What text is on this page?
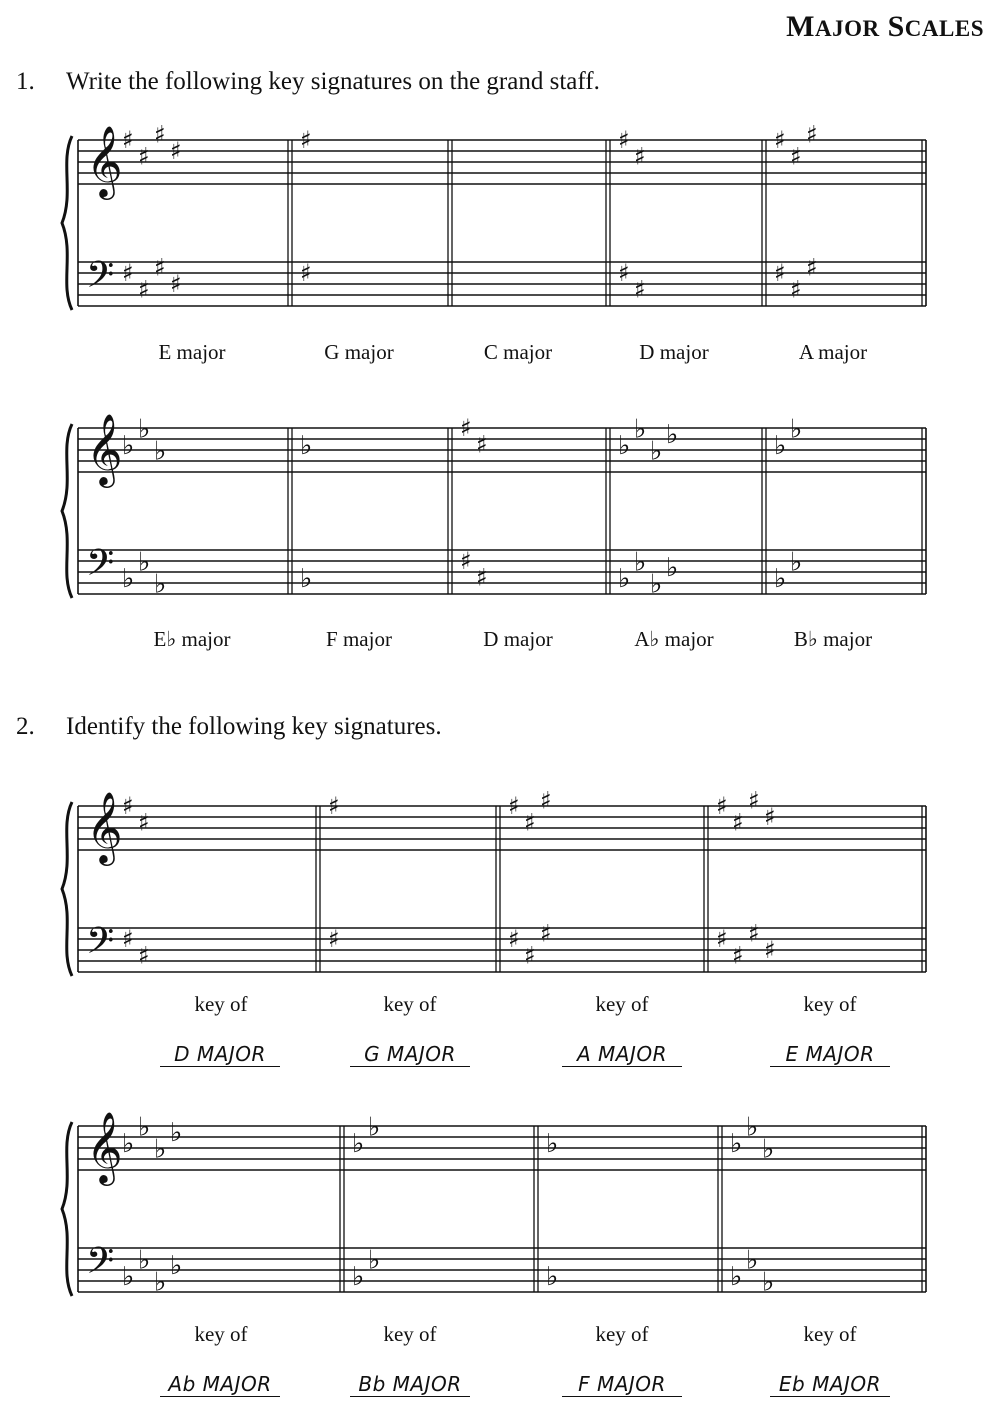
MAJOR SCALES
1. Write the following key signatures on the grand staff.
2. Identify the following key signatures.
𝄞
𝄢
♯
♯
♯
♯
♯
♯
♯
♯
♯
♯
♯
♯
♯
♯
♯
♯
♯
♯
♯
♯
𝄞
𝄢
♭
♭
♭
♭
♭
♭
♭
♭
♯
♯
♯
♯
♭
♭
♭
♭
♭
♭
♭
♭
♭
♭
♭
♭
𝄞
𝄢
♯
♯
♯
♯
♯
♯
♯
♯
♯
♯
♯
♯
♯
♯
♯
♯
♯
♯
♯
♯
𝄞
𝄢
♭
♭
♭
♭
♭
♭
♭
♭
♭
♭
♭
♭
♭
♭
♭
♭
♭
♭
♭
♭
E major	G major	C major	D major	A major
E♭ major	F major	D major	A♭ major	B♭ major
key of	key of	key of	key of
D MAJOR	G MAJOR	A MAJOR	E MAJOR
key of	key of	key of	key of
Ab MAJOR	Bb MAJOR	F MAJOR	Eb MAJOR
